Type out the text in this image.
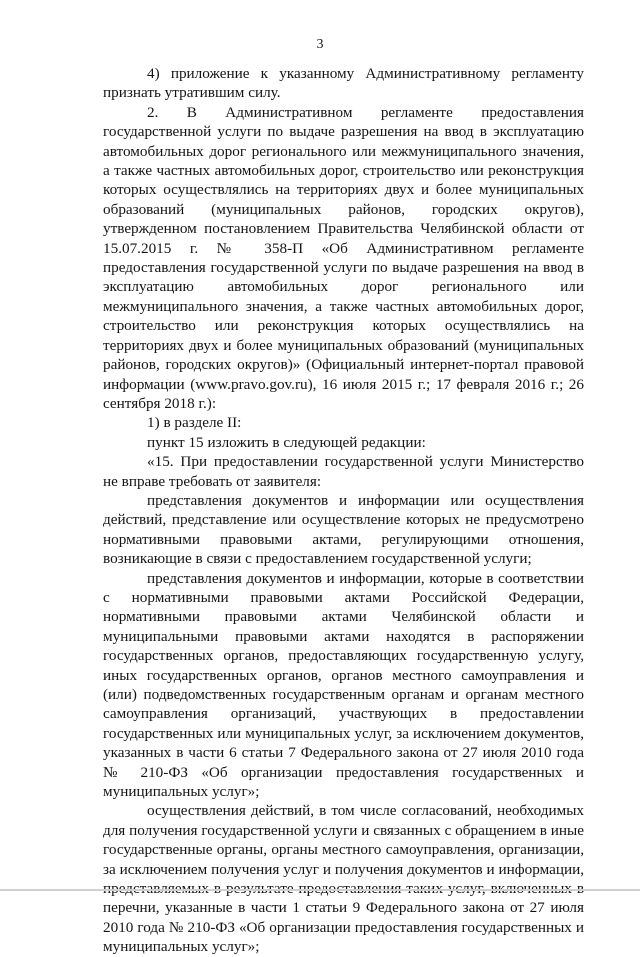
3

4) приложение к указанному Административному регламенту признать утратившим силу.

2. В Административном регламенте предоставления государственной услуги по выдаче разрешения на ввод в эксплуатацию автомобильных дорог регионального или межмуниципального значения, а также частных автомобильных дорог, строительство или реконструкция которых осуществлялись на территориях двух и более муниципальных образований (муниципальных районов, городских округов), утвержденном постановлением Правительства Челябинской области от 15.07.2015 г. № 358-П «Об Административном регламенте предоставления государственной услуги по выдаче разрешения на ввод в эксплуатацию автомобильных дорог регионального или межмуниципального значения, а также частных автомобильных дорог, строительство или реконструкция которых осуществлялись на территориях двух и более муниципальных образований (муниципальных районов, городских округов)» (Официальный интернет-портал правовой информации (www.pravo.gov.ru), 16 июля 2015 г.; 17 февраля 2016 г.; 26 сентября 2018 г.):

1) в разделе II:

пункт 15 изложить в следующей редакции:

«15. При предоставлении государственной услуги Министерство не вправе требовать от заявителя:

представления документов и информации или осуществления действий, представление или осуществление которых не предусмотрено нормативными правовыми актами, регулирующими отношения, возникающие в связи с предоставлением государственной услуги;

представления документов и информации, которые в соответствии с нормативными правовыми актами Российской Федерации, нормативными правовыми актами Челябинской области и муниципальными правовыми актами находятся в распоряжении государственных органов, предоставляющих государственную услугу, иных государственных органов, органов местного самоуправления и (или) подведомственных государственным органам и органам местного самоуправления организаций, участвующих в предоставлении государственных или муниципальных услуг, за исключением документов, указанных в части 6 статьи 7 Федерального закона от 27 июля 2010 года № 210-ФЗ «Об организации предоставления государственных и муниципальных услуг»;

осуществления действий, в том числе согласований, необходимых для получения государственной услуги и связанных с обращением в иные государственные органы, органы местного самоуправления, организации, за исключением получения услуг и получения документов и информации, перечни, указанные в части 1 статьи 9 Федерального закона от 27 июля 2010 года № 210-ФЗ «Об организации предоставления государственных и муниципальных услуг»;
